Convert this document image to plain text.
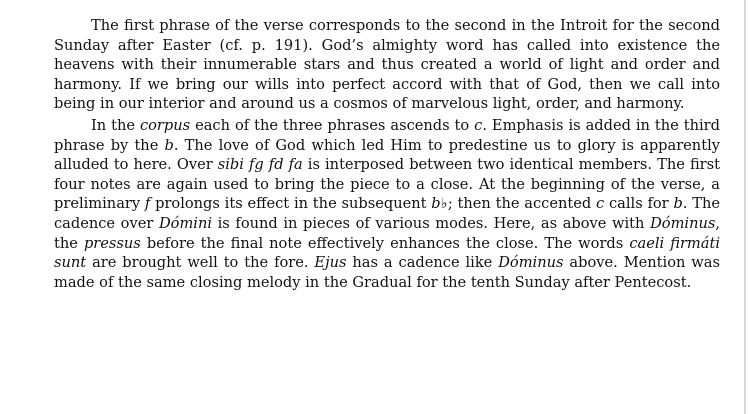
The first phrase of the verse corresponds to the second in the Introit for the second Sunday after Easter (cf. p. 191). God’s almighty word has called into existence the heavens with their innumerable stars and thus created a world of light and order and harmony. If we bring our wills into perfect accord with that of God, then we call into being in our interior and around us a cosmos of marvelous light, order, and harmony.

In the corpus each of the three phrases ascends to c. Emphasis is added in the third phrase by the b. The love of God which led Him to predestine us to glory is apparently alluded to here. Over sibi fg fd fa is interposed between two identical members. The first four notes are again used to bring the piece to a close. At the beginning of the verse, a preliminary f prolongs its effect in the subsequent b♭; then the accented c calls for b. The cadence over Dómini is found in pieces of various modes. Here, as above with Dóminus, the pressus before the final note effectively enhances the close. The words caeli firmáti sunt are brought well to the fore. Ejus has a cadence like Dóminus above. Mention was made of the same closing melody in the Gradual for the tenth Sunday after Pentecost.
